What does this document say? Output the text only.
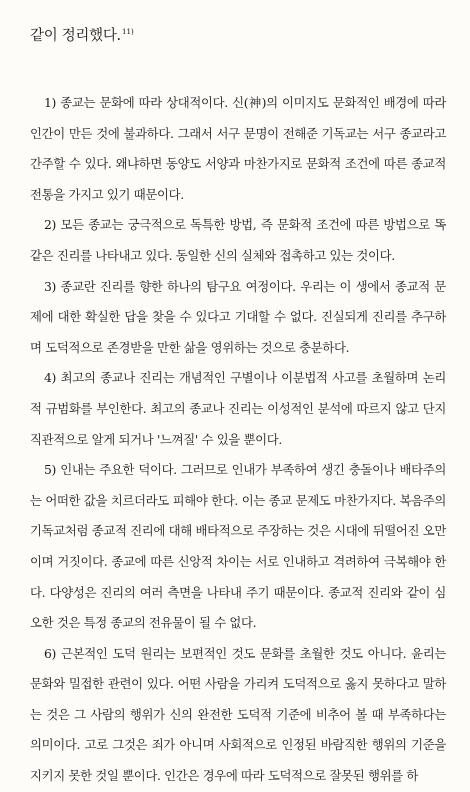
같이 정리했다.$^{11)}$

1) 종교는 문화에 따라 상대적이다. 신(神)의 이미지도 문화적인 배경에 따라 인간이 만든 것에 불과하다. 그래서 서구 문명이 전해준 기독교는 서구 종교라고 간주할 수 있다. 왜냐하면 동양도 서양과 마찬가지로 문화적 조건에 따른 종교적 전통을 가지고 있기 때문이다.

2) 모든 종교는 궁극적으로 독특한 방법, 즉 문화적 조건에 따른 방법으로 똑같은 진리를 나타내고 있다. 동일한 신의 실체와 접촉하고 있는 것이다.

3) 종교란 진리를 향한 하나의 탐구요 여정이다. 우리는 이 생에서 종교적 문제에 대한 확실한 답을 찾을 수 있다고 기대할 수 없다. 진실되게 진리를 추구하며 도덕적으로 존경받을 만한 삶을 영위하는 것으로 충분하다.

4) 최고의 종교나 진리는 개념적인 구별이나 이분법적 사고를 초월하며 논리적 규범화를 부인한다. 최고의 종교나 진리는 이성적인 분석에 따르지 않고 단지 직관적으로 알게 되거나 '느껴질' 수 있을 뿐이다.

5) 인내는 주요한 덕이다. 그러므로 인내가 부족하여 생긴 충돌이나 배타주의는 어떠한 값을 치르더라도 피해야 한다. 이는 종교 문제도 마찬가지다. 복음주의 기독교처럼 종교적 진리에 대해 배타적으로 주장하는 것은 시대에 뒤떨어진 오만이며 거짓이다. 종교에 따른 신앙적 차이는 서로 인내하고 격려하여 극복해야 한다. 다양성은 진리의 여러 측면을 나타내 주기 때문이다. 종교적 진리와 같이 심오한 것은 특정 종교의 전유물이 될 수 없다.

6) 근본적인 도덕 원리는 보편적인 것도 문화를 초월한 것도 아니다. 윤리는 문화와 밀접한 관련이 있다. 어떤 사람을 가리켜 도덕적으로 옳지 못하다고 말하는 것은 그 사람의 행위가 신의 완전한 도덕적 기준에 비추어 볼 때 부족하다는 의미이다. 고로 그것은 죄가 아니며 사회적으로 인정된 바람직한 행위의 기준을 지키지 못한 것일 뿐이다. 인간은 경우에 따라 도덕적으로 잘못된 행위를 하
